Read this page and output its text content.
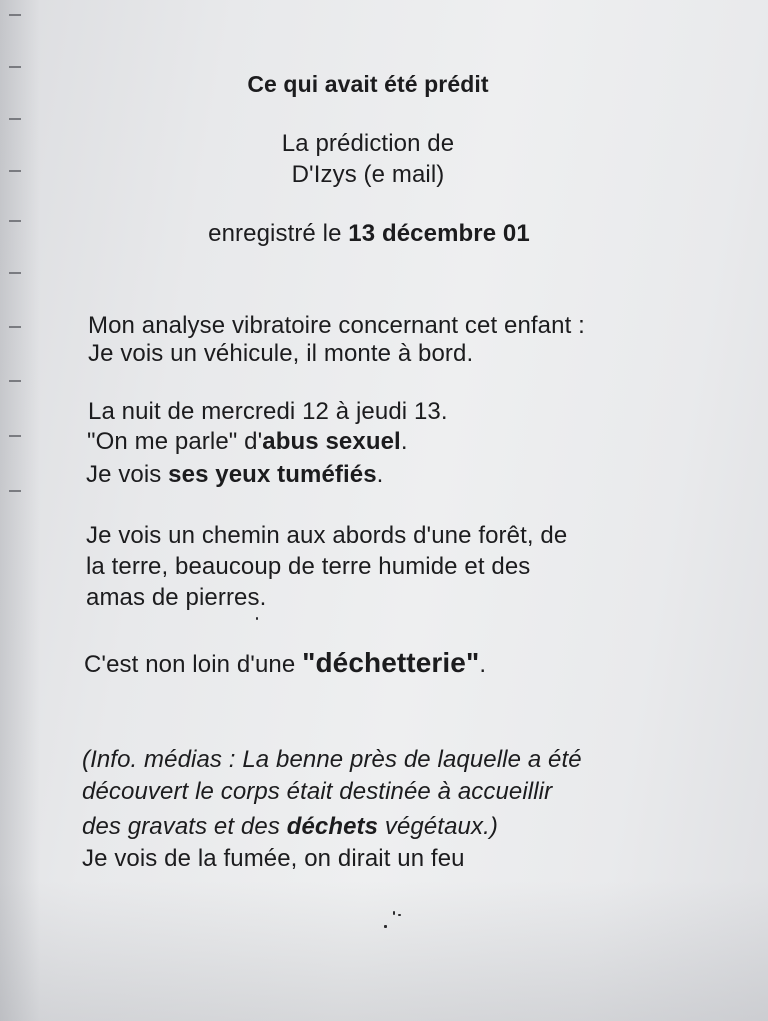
Ce qui avait été prédit
La prédiction de
D'Izys (e mail)
enregistré le 13 décembre 01
Mon analyse vibratoire concernant cet enfant :
Je vois un véhicule, il monte à bord.
La nuit de mercredi 12 à jeudi 13.
"On me parle" d'abus sexuel.
Je vois ses yeux tuméfiés.
Je vois un chemin aux abords d'une forêt, de
la terre, beaucoup de terre humide et des
amas de pierres.
C'est non loin d'une "déchetterie".
(Info. médias : La benne près de laquelle a été
découvert le corps était destinée à accueillir
des gravats et des déchets végétaux.)
Je vois de la fumée, on dirait un feu
